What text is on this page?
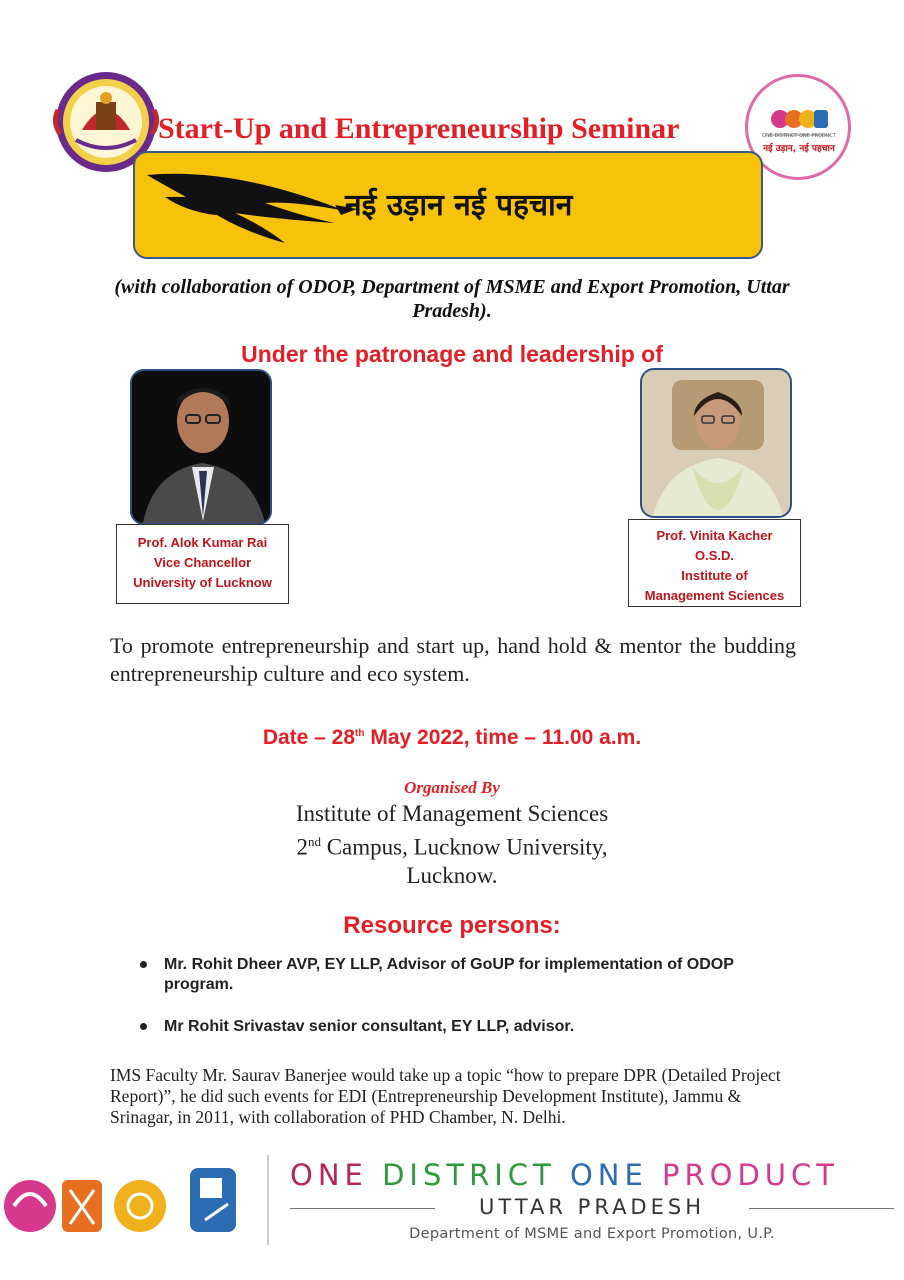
ONE DISTRICT ONE PRODUCT
नई उड़ान, नई पहचान
Start-Up and Entrepreneurship Seminar
नई उड़ान नई पहचान
(with collaboration of ODOP, Department of MSME and Export Promotion, Uttar Pradesh).
Under the patronage and leadership of
Prof. Alok Kumar Rai
Vice Chancellor
University of Lucknow
Prof. Vinita Kacher
O.S.D.
Institute of
Management Sciences
To promote entrepreneurship and start up, hand hold & mentor the budding entrepreneurship culture and eco system.
Date – 28th May 2022, time – 11.00 a.m.
Organised By
Institute of Management Sciences
2nd Campus, Lucknow University,
Lucknow.
Resource persons:
Mr. Rohit Dheer AVP, EY LLP, Advisor of GoUP for implementation of ODOP program.
Mr Rohit Srivastav senior consultant, EY LLP, advisor.
IMS Faculty Mr. Saurav Banerjee would take up a topic “how to prepare DPR (Detailed Project Report)”, he did such events for EDI (Entrepreneurship Development Institute), Jammu & Srinagar, in 2011, with collaboration of PHD Chamber, N. Delhi.
ONE DISTRICT ONE PRODUCT
UTTAR PRADESH
Department of MSME and Export Promotion, U.P.
